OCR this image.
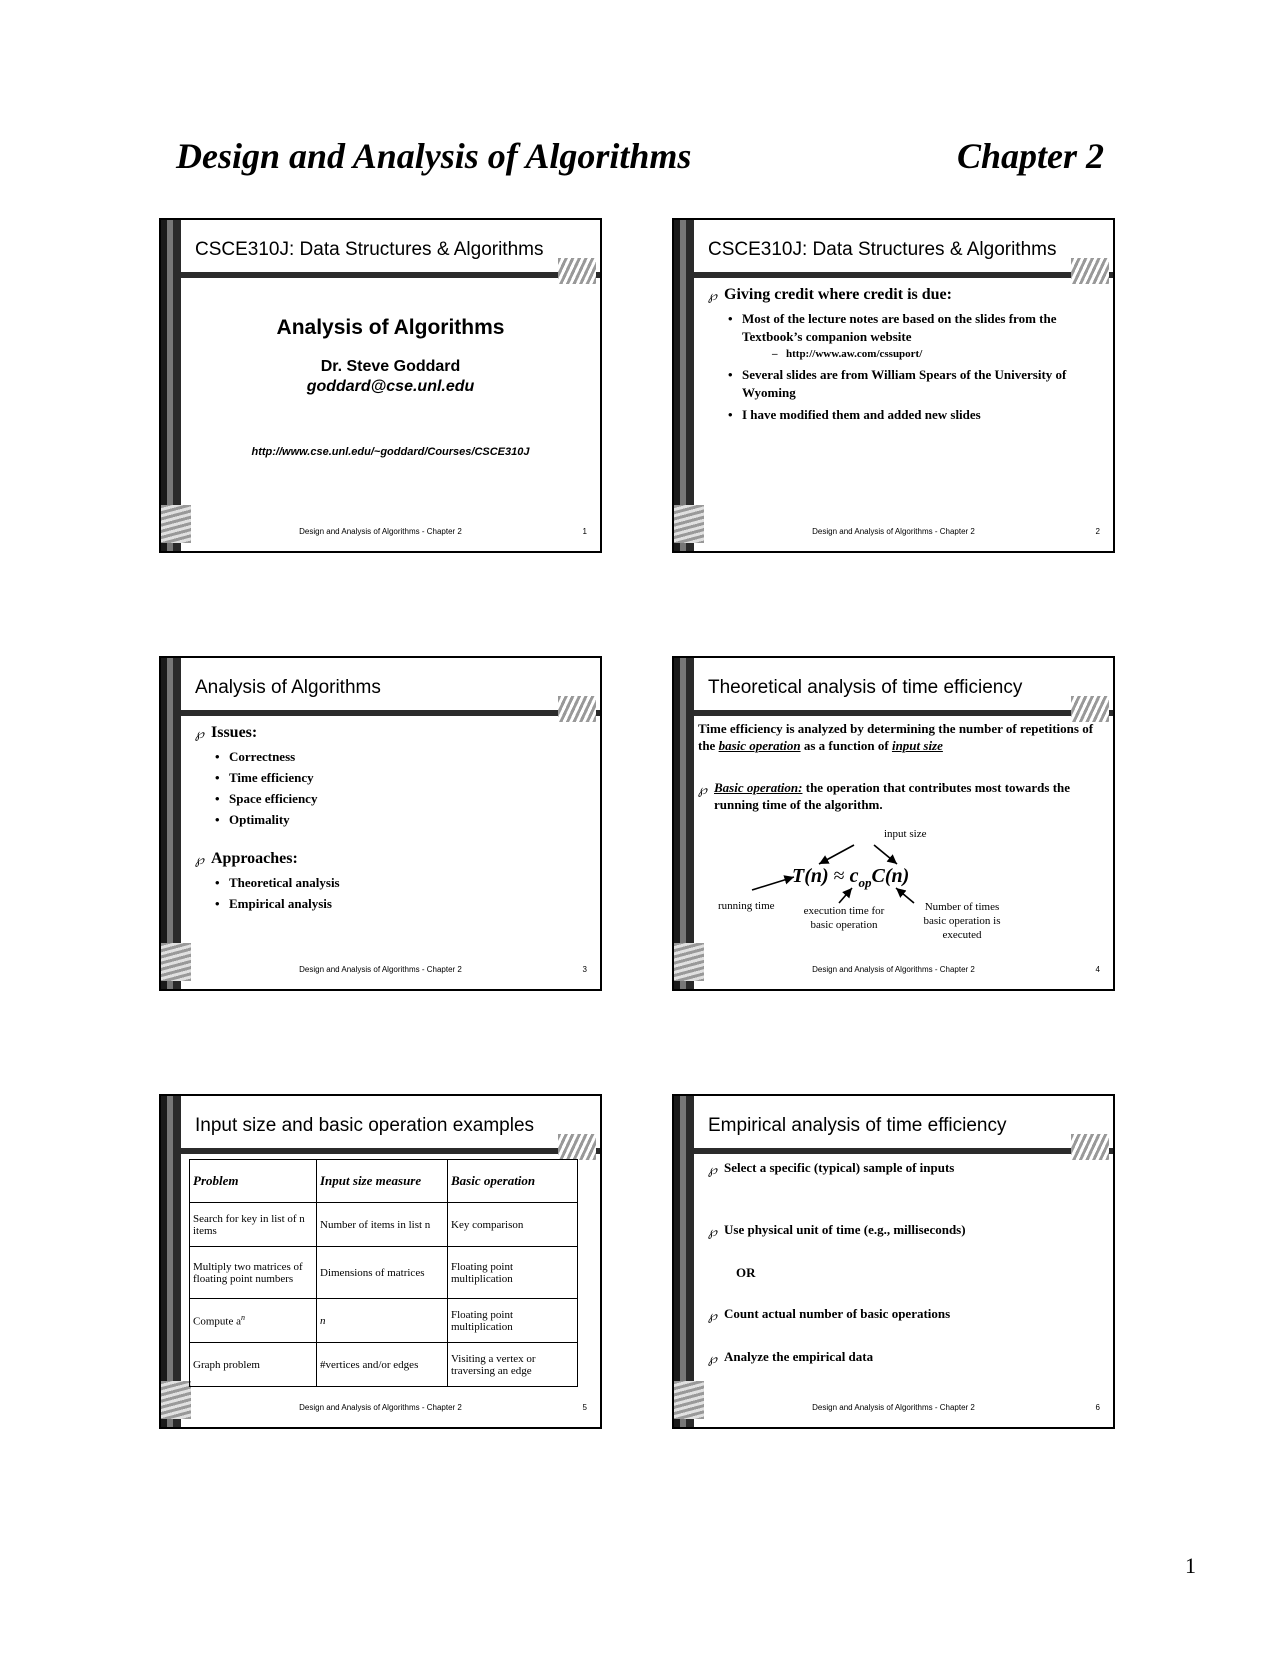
Design and Analysis of Algorithms	Chapter 2
CSCE310J: Data Structures & Algorithms
Analysis of Algorithms
Dr. Steve Goddard
goddard@cse.unl.edu
http://www.cse.unl.edu/~goddard/Courses/CSCE310J
Design and Analysis of Algorithms - Chapter 2	1
CSCE310J: Data Structures & Algorithms
℘ Giving credit where credit is due:
• Most of the lecture notes are based on the slides from the Textbook’s companion website
– http://www.aw.com/cssuport/
• Several slides are from William Spears of the University of Wyoming
• I have modified them and added new slides
Design and Analysis of Algorithms - Chapter 2	2
Analysis of Algorithms
℘ Issues:
• Correctness
• Time efficiency
• Space efficiency
• Optimality
℘ Approaches:
• Theoretical analysis
• Empirical analysis
Design and Analysis of Algorithms - Chapter 2	3
Theoretical analysis of time efficiency
Time efficiency is analyzed by determining the number of repetitions of the basic operation as a function of input size
℘ Basic operation: the operation that contributes most towards the running time of the algorithm.
input size
$T(n) \approx c_{op}C(n)$
running time	execution time for basic operation
Number of times basic operation is executed
Design and Analysis of Algorithms - Chapter 2	4
Input size and basic operation examples
Problem	Input size measure	Basic operation
Search for key in list of n items	Number of items in list n	Key comparison
Multiply two matrices of floating point numbers	Dimensions of matrices	Floating point multiplication
Compute $a^n$	n	Floating point multiplication
Graph problem	#vertices and/or edges	Visiting a vertex or traversing an edge
Design and Analysis of Algorithms - Chapter 2	5
Empirical analysis of time efficiency
℘ Select a specific (typical) sample of inputs
℘ Use physical unit of time (e.g., milliseconds)
OR
℘ Count actual number of basic operations
℘ Analyze the empirical data
Design and Analysis of Algorithms - Chapter 2	6
1
